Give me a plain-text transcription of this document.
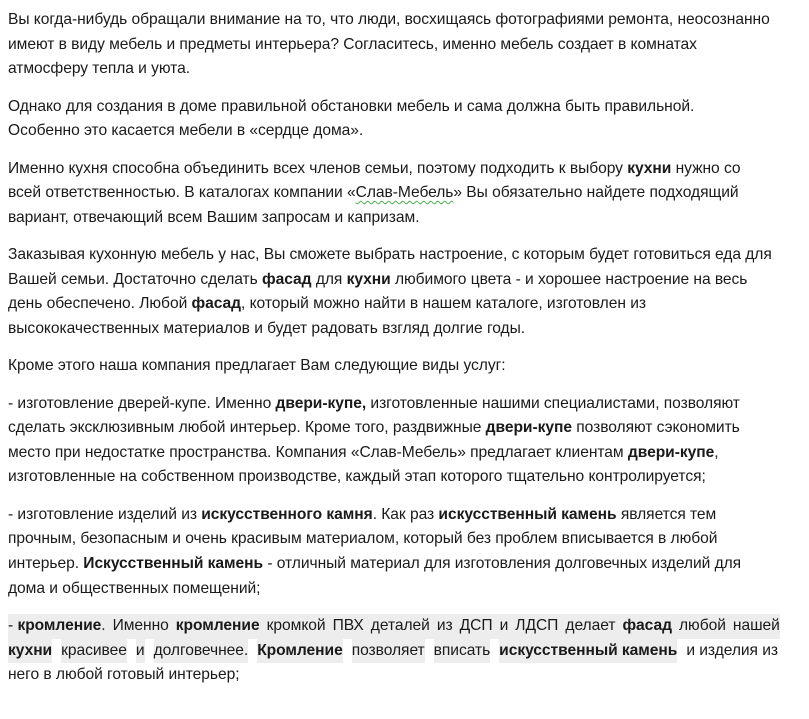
Вы когда-нибудь обращали внимание на то, что люди, восхищаясь фотографиями ремонта, неосознанно
имеют в виду мебель и предметы интерьера? Согласитесь, именно мебель создает в комнатах
атмосферу тепла и уюта.

Однако для создания в доме правильной обстановки мебель и сама должна быть правильной.
Особенно это касается мебели в «сердце дома».

Именно кухня способна объединить всех членов семьи, поэтому подходить к выбору кухни нужно со
всей ответственностью. В каталогах компании «Слав-Мебель» Вы обязательно найдете подходящий
вариант, отвечающий всем Вашим запросам и капризам.

Заказывая кухонную мебель у нас, Вы сможете выбрать настроение, с которым будет готовиться еда для
Вашей семьи. Достаточно сделать фасад для кухни любимого цвета - и хорошее настроение на весь
день обеспечено. Любой фасад, который можно найти в нашем каталоге, изготовлен из
высококачественных материалов и будет радовать взгляд долгие годы.

Кроме этого наша компания предлагает Вам следующие виды услуг:

- изготовление дверей-купе. Именно двери-купе, изготовленные нашими специалистами, позволяют
сделать эксклюзивным любой интерьер. Кроме того, раздвижные двери-купе позволяют сэкономить
место при недостатке пространства. Компания «Слав-Мебель» предлагает клиентам двери-купе,
изготовленные на собственном производстве, каждый этап которого тщательно контролируется;

- изготовление изделий из искусственного камня. Как раз искусственный камень является тем
прочным, безопасным и очень красивым материалом, который без проблем вписывается в любой
интерьер. Искусственный камень - отличный материал для изготовления долговечных изделий для
дома и общественных помещений;

- кромление. Именно кромление кромкой ПВХ деталей из ДСП и ЛДСП делает фасад любой нашей
кухни красивее и долговечнее. Кромление позволяет вписать искусственный камень и изделия из
него в любой готовый интерьер;
